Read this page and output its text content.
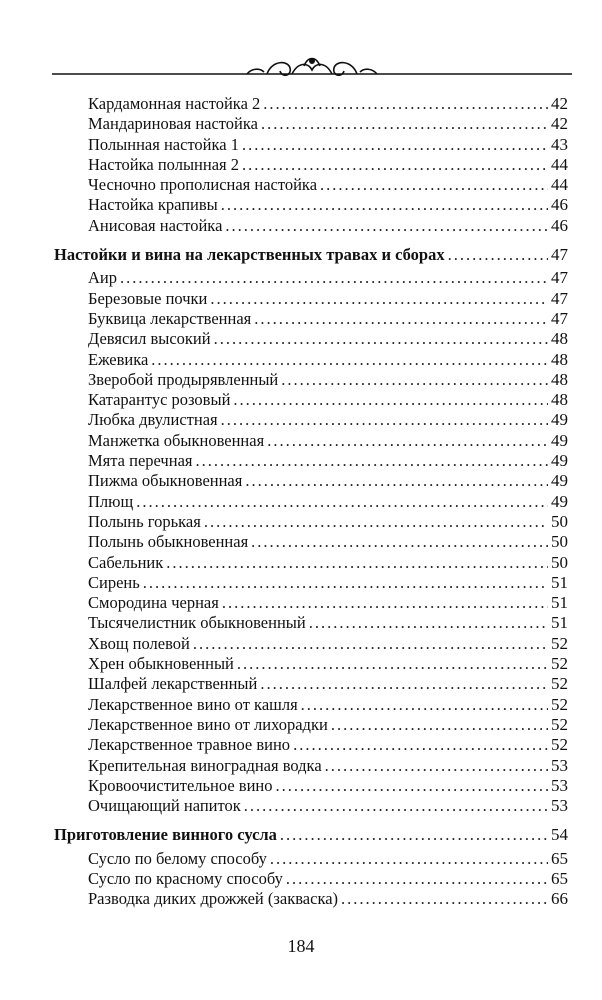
Кардамонная настойка 2 .....	42
Мандариновая настойка .....	42
Полынная настойка 1 .....	43
Настойка полынная 2 .....	44
Чесночно прополисная настойка .....	44
Настойка крапивы .....	46
Анисовая настойка .....	46
Настойки и вина на лекарственных травах и сборах .....	47
Аир .....	47
Березовые почки .....	47
Буквица лекарственная .....	47
Девясил высокий .....	48
Ежевика .....	48
Зверобой продырявленный .....	48
Катарантус розовый .....	48
Любка двулистная .....	49
Манжетка обыкновенная .....	49
Мята перечная .....	49
Пижма обыкновенная .....	49
Плющ .....	49
Полынь горькая .....	50
Полынь обыкновенная .....	50
Сабельник .....	50
Сирень .....	51
Смородина черная .....	51
Тысячелистник обыкновенный .....	51
Хвощ полевой .....	52
Хрен обыкновенный .....	52
Шалфей лекарственный .....	52
Лекарственное вино от кашля .....	52
Лекарственное вино от лихорадки .....	52
Лекарственное травное вино .....	52
Крепительная виноградная водка .....	53
Кровоочистительное вино .....	53
Очищающий напиток .....	53
Приготовление винного сусла .....	54
Сусло по белому способу .....	65
Сусло по красному способу .....	65
Разводка диких дрожжей (закваска) .....	66
184
